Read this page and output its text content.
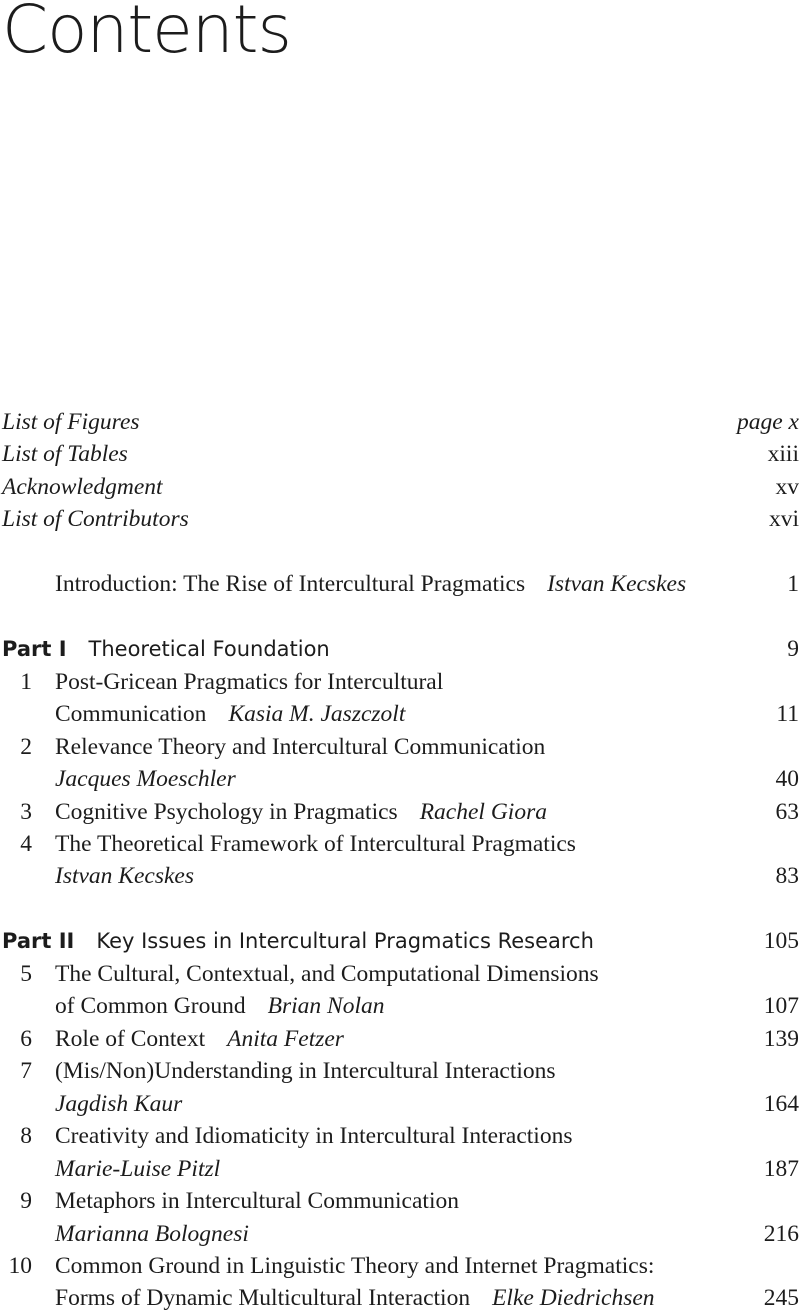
Contents
List of Figures	page x
List of Tables	xiii
Acknowledgment	xv
List of Contributors	xvi
Introduction: The Rise of Intercultural Pragmatics Istvan Kecskes	1
Part I Theoretical Foundation	9
1 Post-Gricean Pragmatics for Intercultural
Communication Kasia M. Jaszczolt	11
2 Relevance Theory and Intercultural Communication
Jacques Moeschler	40
3 Cognitive Psychology in Pragmatics Rachel Giora	63
4 The Theoretical Framework of Intercultural Pragmatics
Istvan Kecskes	83
Part II Key Issues in Intercultural Pragmatics Research	105
5 The Cultural, Contextual, and Computational Dimensions
of Common Ground Brian Nolan	107
6 Role of Context Anita Fetzer	139
7 (Mis/Non)Understanding in Intercultural Interactions
Jagdish Kaur	164
8 Creativity and Idiomaticity in Intercultural Interactions
Marie-Luise Pitzl	187
9 Metaphors in Intercultural Communication
Marianna Bolognesi	216
10 Common Ground in Linguistic Theory and Internet Pragmatics:
Forms of Dynamic Multicultural Interaction Elke Diedrichsen	245
